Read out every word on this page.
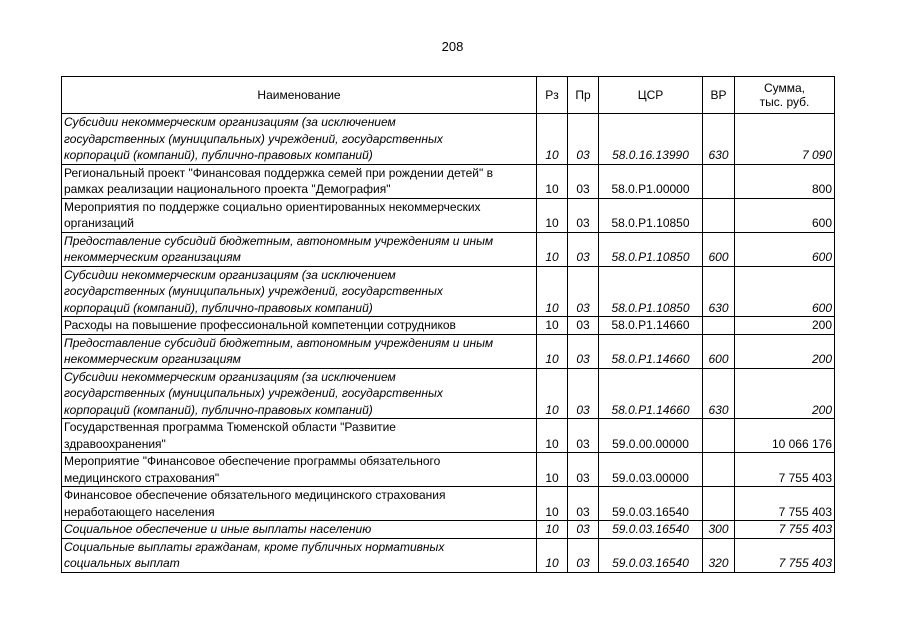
208
Наименование	Рз	Пр	ЦСР	ВР	Сумма,
тыс. руб.
Субсидии некоммерческим организациям (за исключением
государственных (муниципальных) учреждений, государственных
корпораций (компаний), публично-правовых компаний)	10	03	58.0.16.13990	630	7 090
Региональный проект "Финансовая поддержка семей при рождении детей" в
рамках реализации национального проекта "Демография"	10	03	58.0.P1.00000		800
Мероприятия по поддержке социально ориентированных некоммерческих
организаций	10	03	58.0.P1.10850		600
Предоставление субсидий бюджетным, автономным учреждениям и иным
некоммерческим организациям	10	03	58.0.P1.10850	600	600
Субсидии некоммерческим организациям (за исключением
государственных (муниципальных) учреждений, государственных
корпораций (компаний), публично-правовых компаний)	10	03	58.0.P1.10850	630	600
Расходы на повышение профессиональной компетенции сотрудников	10	03	58.0.P1.14660		200
Предоставление субсидий бюджетным, автономным учреждениям и иным
некоммерческим организациям	10	03	58.0.P1.14660	600	200
Субсидии некоммерческим организациям (за исключением
государственных (муниципальных) учреждений, государственных
корпораций (компаний), публично-правовых компаний)	10	03	58.0.P1.14660	630	200
Государственная программа Тюменской области "Развитие
здравоохранения"	10	03	59.0.00.00000		10 066 176
Мероприятие "Финансовое обеспечение программы обязательного
медицинского страхования"	10	03	59.0.03.00000		7 755 403
Финансовое обеспечение обязательного медицинского страхования
неработающего населения	10	03	59.0.03.16540		7 755 403
Социальное обеспечение и иные выплаты населению	10	03	59.0.03.16540	300	7 755 403
Социальные выплаты гражданам, кроме публичных нормативных
социальных выплат	10	03	59.0.03.16540	320	7 755 403
